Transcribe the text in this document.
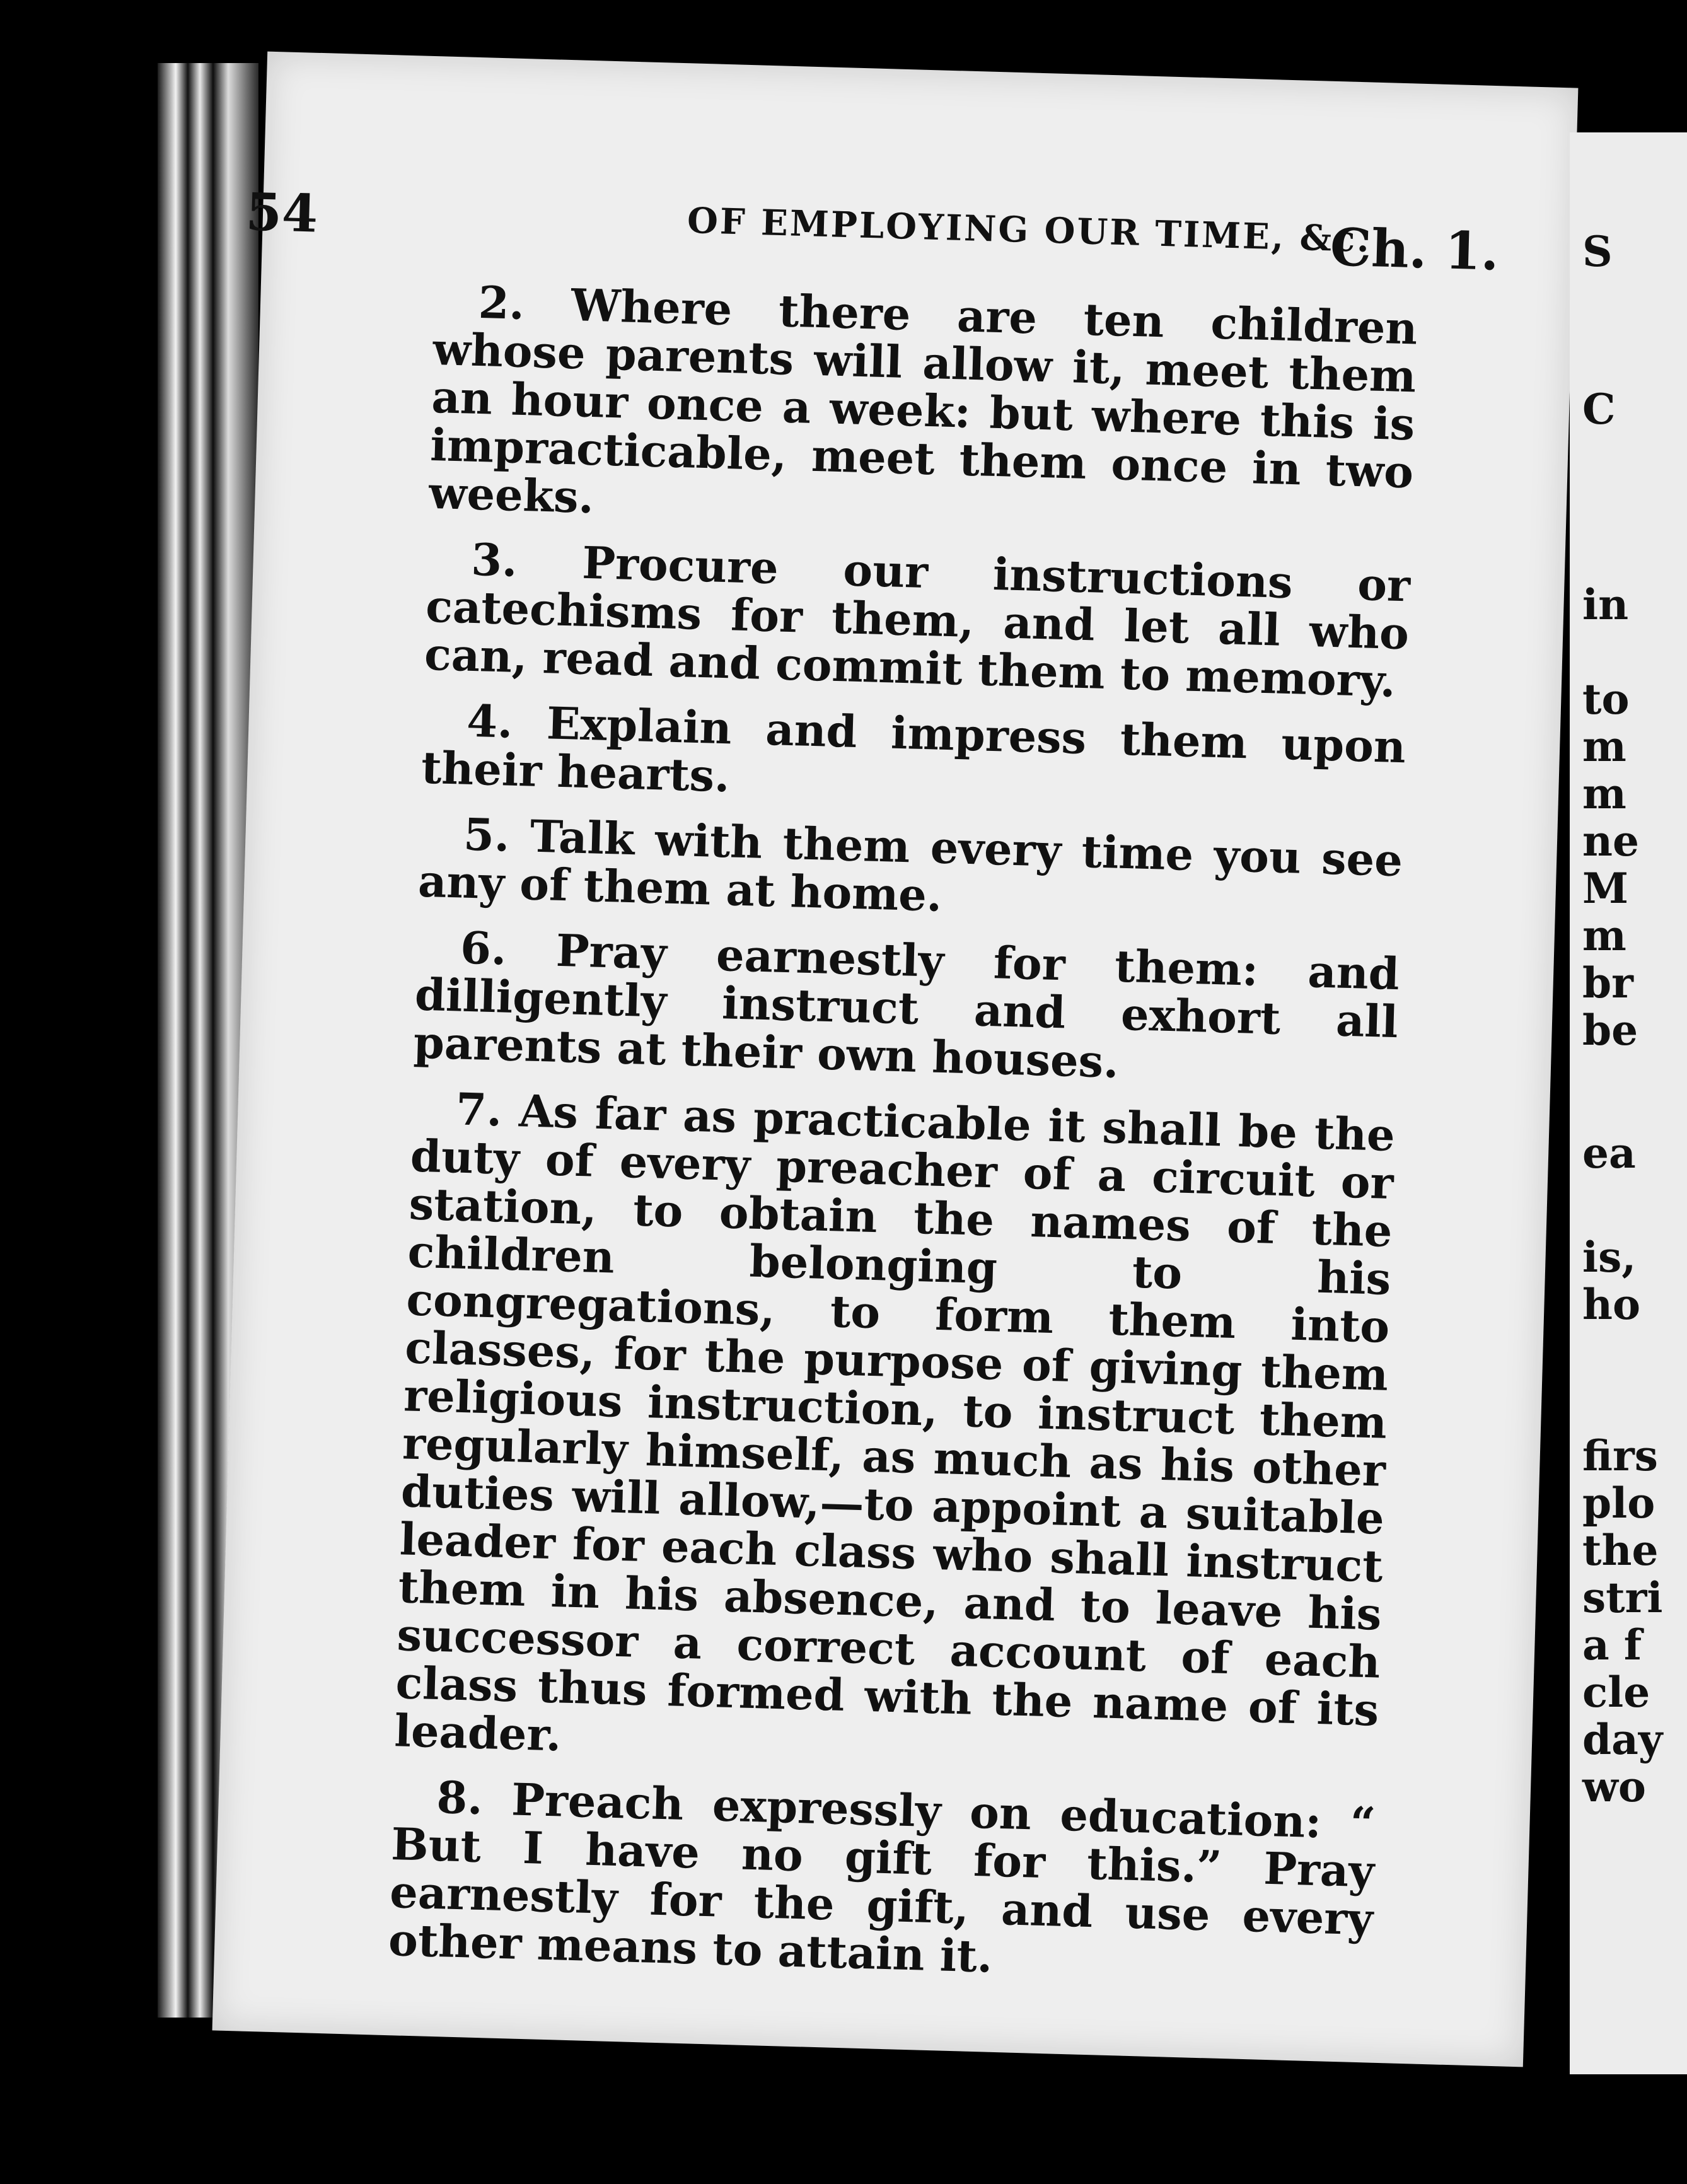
S
C
in
to
m
m
ne
M
m
br
be
ea
is,
ho
firs
plo
the
stri
a f
cle
day
wo
54	OF EMPLOYING OUR TIME, &c.
Ch. 1.

2. Where there are ten children whose parents will allow it, meet them an hour once a week: but where this is impracticable, meet them once in two weeks.

3. Procure our instructions or catechisms for them, and let all who can, read and commit them to memory.

4. Explain and impress them upon their hearts.

5. Talk with them every time you see any of them at home.

6. Pray earnestly for them: and dilligently instruct and exhort all parents at their own houses.

7. As far as practicable it shall be the duty of every preacher of a circuit or station, to obtain the names of the children belonging to his congregations, to form them into classes, for the purpose of giving them religious instruction, to instruct them regularly himself, as much as his other duties will allow,—to appoint a suitable leader for each class who shall instruct them in his absence, and to leave his successor a correct account of each class thus formed with the name of its leader.

8. Preach expressly on education: “ But I have no gift for this.” Pray earnestly for the gift, and use every other means to attain it.
